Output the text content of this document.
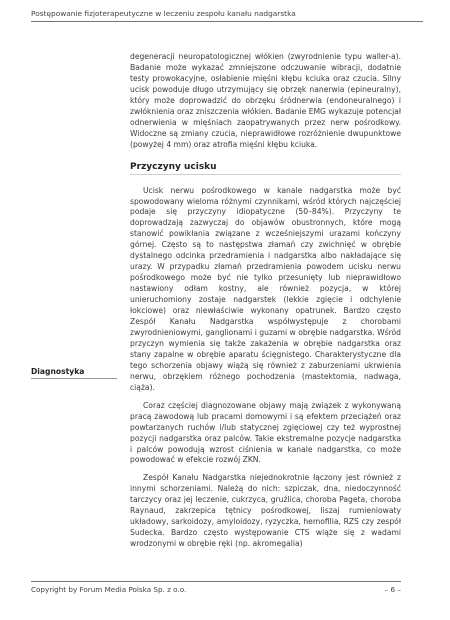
Postępowanie fizjoterapeutyczne w leczeniu zespołu kanału nadgarstka

degeneracji neuropatologicznej włókien (zwyrodnienie typu waller-a). Badanie może wykazać zmniejszone odczuwanie wibracji, dodatnie testy prowokacyjne, osłabienie mięśni kłębu kciuka oraz czucia. Silny ucisk powoduje długo utrzymujący się obrzęk nanerwia (epineuralny), który może doprowadzić do obrzęku śródnerwia (endoneuralnego) i zwłóknienia oraz zniszczenia włókien. Badanie EMG wykazuje potencjał odnerwienia w mięśniach zaopatrywanych przez nerw pośrodkowy. Widoczne są zmiany czucia, nieprawidłowe rozróżnienie dwupunktowe (powyżej 4 mm) oraz atrofia mięśni kłębu kciuka.

Przyczyny ucisku

Ucisk nerwu pośrodkowego w kanale nadgarstka może być spowodowany wieloma różnymi czynnikami, wśród których najczęściej podaje się przyczyny idiopatyczne (50–84%). Przyczyny te doprowadzają zazwyczaj do objawów obustronnych, które mogą stanowić powikłania związane z wcześniejszymi urazami kończyny górnej. Często są to następstwa złamań czy zwichnięć w obrębie dystalnego odcinka przedramienia i nadgarstka albo nakładające się urazy. W przypadku złamań przedramienia powodem ucisku nerwu pośrodkowego może być nie tylko przesunięty lub nieprawidłowo nastawiony odłam kostny, ale również pozycja, w której unieruchomiony zostaje nadgarstek (lekkie zgięcie i odchylenie łokciowe) oraz niewłaściwie wykonany opatrunek. Bardzo często Zespół Kanału Nadgarstka współwystępuje z chorobami zwyrodnieniowymi, ganglionami i guzami w obrębie nadgarstka. Wśród przyczyn wymienia się także zakażenia w obrębie nadgarstka oraz stany zapalne w obrębie aparatu ścięgnistego. Charakterystyczne dla tego schorzenia objawy wiążą się również z zaburzeniami ukrwienia nerwu, obrzękiem różnego pochodzenia (mastektomia, nadwaga, ciąża).

Coraz częściej diagnozowane objawy mają związek z wykonywaną pracą zawodową lub pracami domowymi i są efektem przeciążeń oraz powtarzanych ruchów i/lub statycznej zgięciowej czy też wyprostnej pozycji nadgarstka oraz palców. Takie ekstremalne pozycje nadgarstka i palców powodują wzrost ciśnienia w kanale nadgarstka, co może powodować w efekcie rozwój ZKN.

Zespół Kanału Nadgarstka niejednokrotnie łączony jest również z innymi schorzeniami. Należą do nich: szpiczak, dna, niedoczynność tarczycy oraz jej leczenie, cukrzyca, gruźlica, choroba Pageta, choroba Raynaud, zakrzepica tętnicy pośrodkowej, liszaj rumieniowaty układowy, sarkoidozy, amyloidozy, ryzyczka, hemofilia, RZS czy zespół Sudecka. Bardzo często występowanie CTS wiąże się z wadami wrodzonymi w obrębie ręki (np. akromegalia)

Diagnostyka
Copyright by Forum Media Polska Sp. z o.o.	– 6 –
